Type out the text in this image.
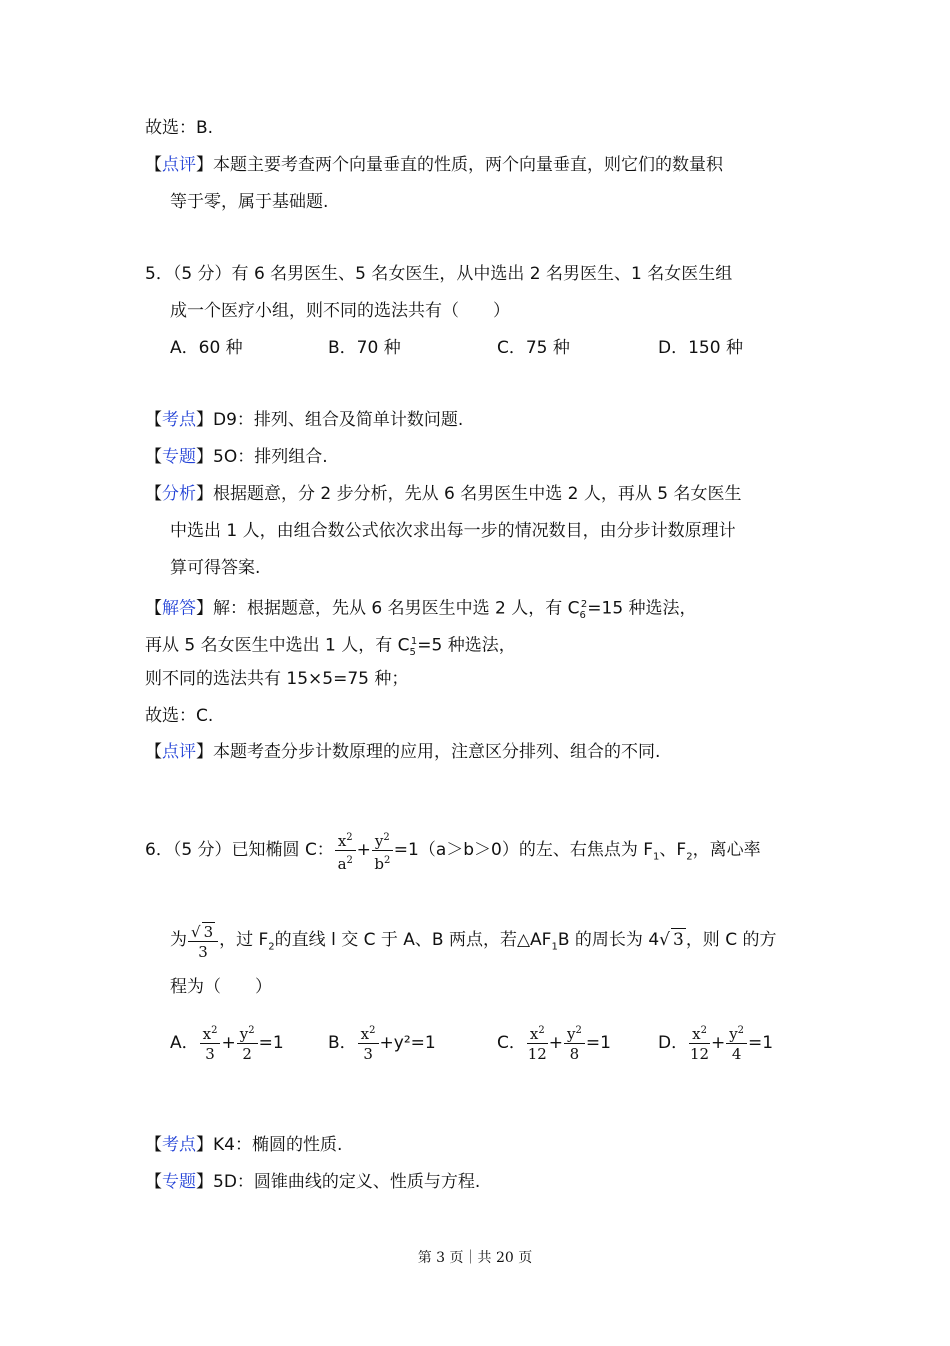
故选：B.
【点评】本题主要考查两个向量垂直的性质，两个向量垂直，则它们的数量积
等于零，属于基础题.
5．（5 分）有 6 名男医生、5 名女医生，从中选出 2 名男医生、1 名女医生组
成一个医疗小组，则不同的选法共有（　　）
A．60 种	B．70 种	C．75 种	D．150 种
【考点】D9：排列、组合及简单计数问题.
【专题】5O：排列组合.
【分析】根据题意，分 2 步分析，先从 6 名男医生中选 2 人，再从 5 名女医生
中选出 1 人，由组合数公式依次求出每一步的情况数目，由分步计数原理计
算可得答案.
【解答】解：根据题意，先从 6 名男医生中选 2 人，有 $C_6^2=15$ 种选法，
再从 5 名女医生中选出 1 人，有 $C_5^1=5$ 种选法，
则不同的选法共有 15×5=75 种；
故选：C.
【点评】本题考查分步计数原理的应用，注意区分排列、组合的不同.
6．（5 分）已知椭圆 C： $\frac{x^2}{a^2} + \frac{y^2}{b^2} =1(a>b>0)$的左、右焦点为 $F_1$、$F_2$，离心率
为 $\frac{√ 3}{3}$ ，过 $F_2$的直线 l 交 C 于 A、B 两点，若$\triangle AF_1B$ 的周长为 4√ 3 ，则 C 的方
程为（　　）
A． $\frac{x^2}{3} + \frac{y^2}{2} =1$	B． $\frac{x^2}{3} +y^2=1$	C． $\frac{x^2}{12} + \frac{y^2}{8} =1$	D． $\frac{x^2}{12} + \frac{y^2}{4} =1$
【考点】K4：椭圆的性质.
【专题】5D：圆锥曲线的定义、性质与方程.
第 3 页｜共 20 页
